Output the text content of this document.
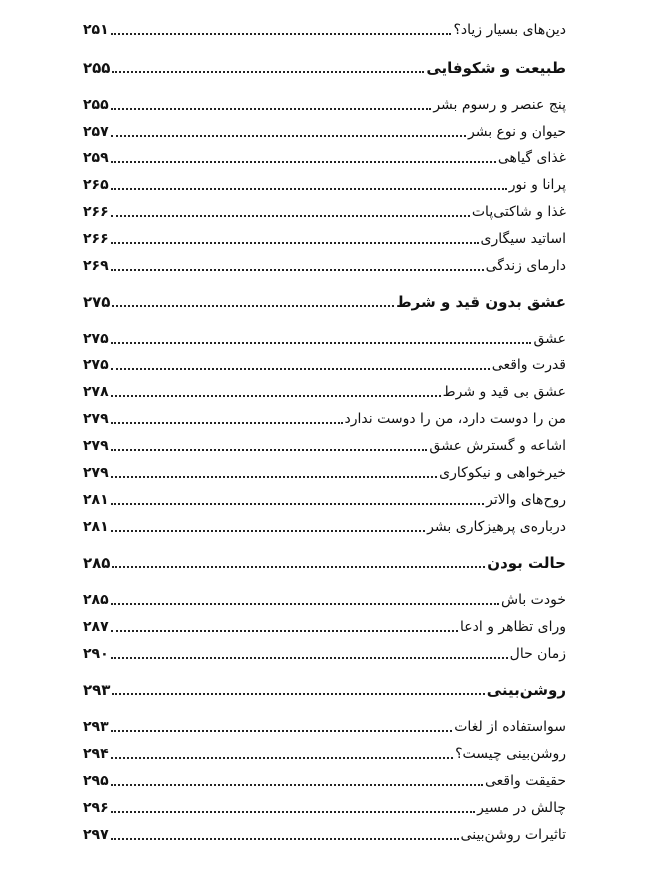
دین‌های بسیار زیاد؟
۲۵۱
طبیعت و شکوفایی
۲۵۵
پنج عنصر و رسوم بشر
۲۵۵
حیوان و نوع بشر
۲۵۷
غذای گیاهی
۲۵۹
پرانا و نور
۲۶۵
غذا و شاکتی‌پات
۲۶۶
اساتید سیگاری
۲۶۶
دارمای زندگی
۲۶۹
عشق بدون قید و شرط
۲۷۵
عشق
۲۷۵
قدرت واقعی
۲۷۵
عشق بی قید و شرط
۲۷۸
من را دوست دارد، من را دوست ندارد
۲۷۹
اشاعه و گسترش عشق
۲۷۹
خیرخواهی و نیکوکاری
۲۷۹
روح‌های والاتر
۲۸۱
درباره‌ی پرهیزکاری بشر
۲۸۱
حالت بودن
۲۸۵
خودت باش
۲۸۵
ورای تظاهر و ادعا
۲۸۷
زمان حال
۲۹۰
روشن‌بینی
۲۹۳
سواستفاده از لغات
۲۹۳
روشن‌بینی چیست؟
۲۹۴
حقیقت واقعی
۲۹۵
چالش در مسیر
۲۹۶
تاثیرات روشن‌بینی
۲۹۷
